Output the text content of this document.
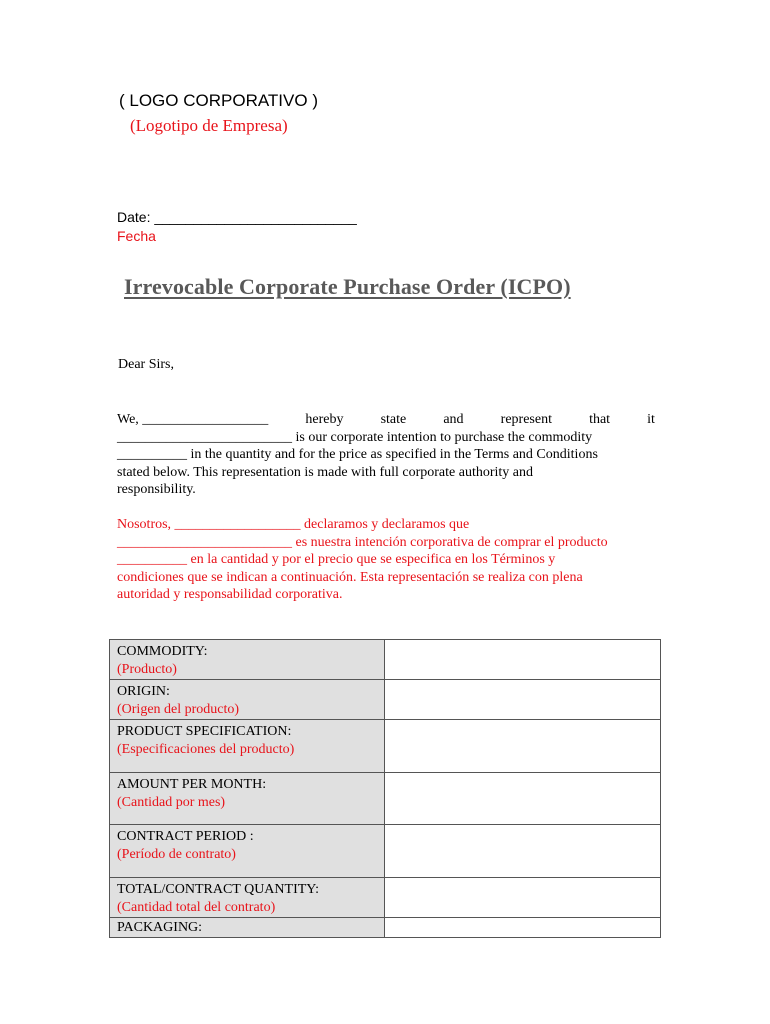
( LOGO CORPORATIVO )
(Logotipo de Empresa)
Date: __________________________
Fecha
Irrevocable Corporate Purchase Order (ICPO)
Dear Sirs,
We, __________________	hereby	state	and	represent	that	it
_________________________ is our corporate intention to purchase the commodity
__________ in the quantity and for the price as specified in the Terms and Conditions
stated below. This representation is made with full corporate authority and
responsibility.
Nosotros, __________________ declaramos y declaramos que
_________________________ es nuestra intención corporativa de comprar el producto
__________ en la cantidad y por el precio que se especifica en los Términos y
condiciones que se indican a continuación. Esta representación se realiza con plena
autoridad y responsabilidad corporativa.
COMMODITY:
(Producto)	

ORIGIN:
(Origen del producto)	

PRODUCT SPECIFICATION:
(Especificaciones del producto)	

AMOUNT PER MONTH:
(Cantidad por mes)	

CONTRACT PERIOD :
(Período de contrato)	

TOTAL/CONTRACT QUANTITY:
(Cantidad total del contrato)	

PACKAGING:	
